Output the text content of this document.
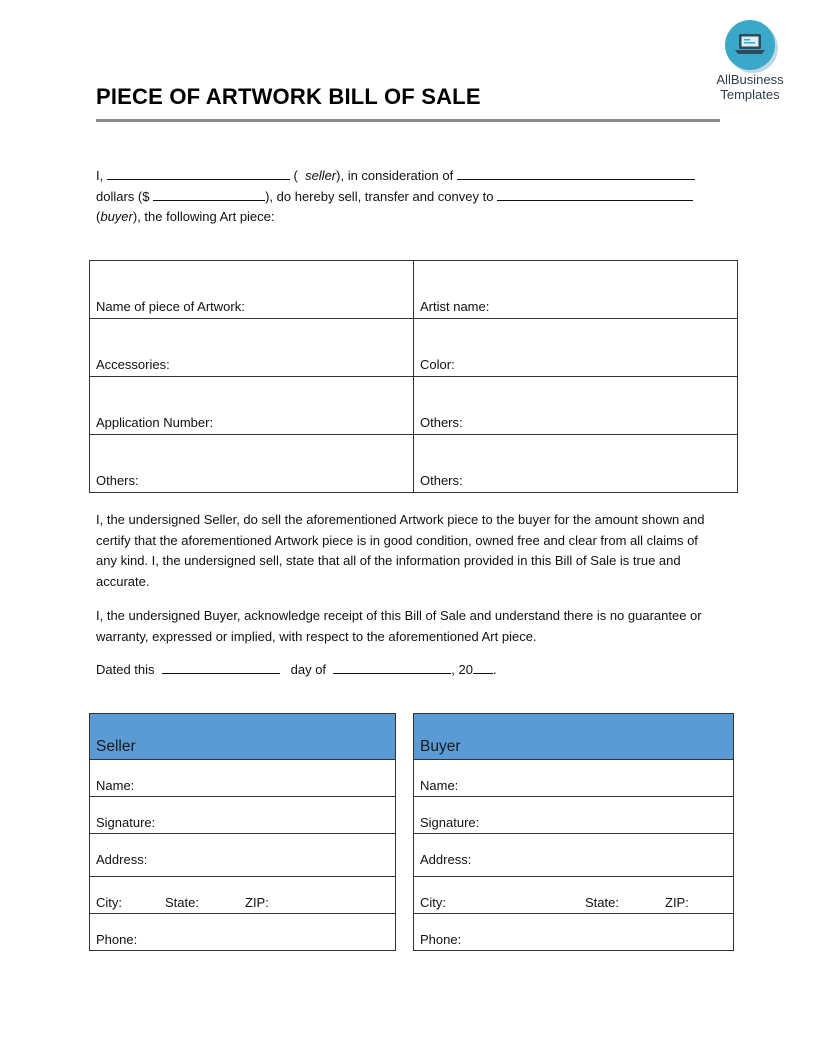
AllBusiness
Templates
PIECE OF ARTWORK BILL OF SALE
I,	( seller), in consideration of
dollars ($	), do hereby sell, transfer and convey to
(buyer), the following Art piece:
Name of piece of Artwork:	Artist name:
Accessories:	Color:
Application Number:	Others:
Others:	Others:
I, the undersigned Seller, do sell the aforementioned Artwork piece to the buyer for the amount shown and certify that the aforementioned Artwork piece is in good condition, owned free and clear from all claims of any kind. I, the undersigned sell, state that all of the information provided in this Bill of Sale is true and accurate.
I, the undersigned Buyer, acknowledge receipt of this Bill of Sale and understand there is no guarantee or warranty, expressed or implied, with respect to the aforementioned Art piece.
Dated this	day of	, 20 .
Seller
Name:
Signature:
Address:
City:	State:	ZIP:
Phone:
Buyer
Name:
Signature:
Address:
City:	State:	ZIP:
Phone:
